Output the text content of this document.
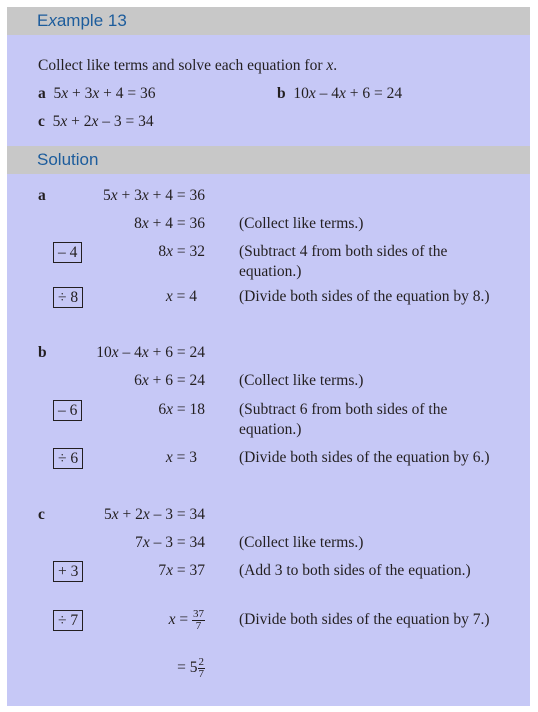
Example 13
Collect like terms and solve each equation for x.
a 5x + 3x + 4 = 36	b 10x – 4x + 6 = 24
c 5x + 2x – 3 = 34
Solution
a	5x + 3x + 4 = 36
8x + 4 = 36 (Collect like terms.)
– 4	8x = 32 (Subtract 4 from both sides of the equation.)
÷ 8	x = 4	(Divide both sides of the equation by 8.)
b	10x – 4x + 6 = 24
6x + 6 = 24 (Collect like terms.)
– 6	6x = 18 (Subtract 6 from both sides of the equation.)
÷ 6	x = 3	(Divide both sides of the equation by 6.)
c	5x + 2x – 3 = 34
7x – 3 = 34 (Collect like terms.)
+ 3	7x = 37 (Add 3 to both sides of the equation.)
÷ 7	$x = \frac{37}{7}$ (Divide both sides of the equation by 7.)
= $5 \frac{2}{7}$
